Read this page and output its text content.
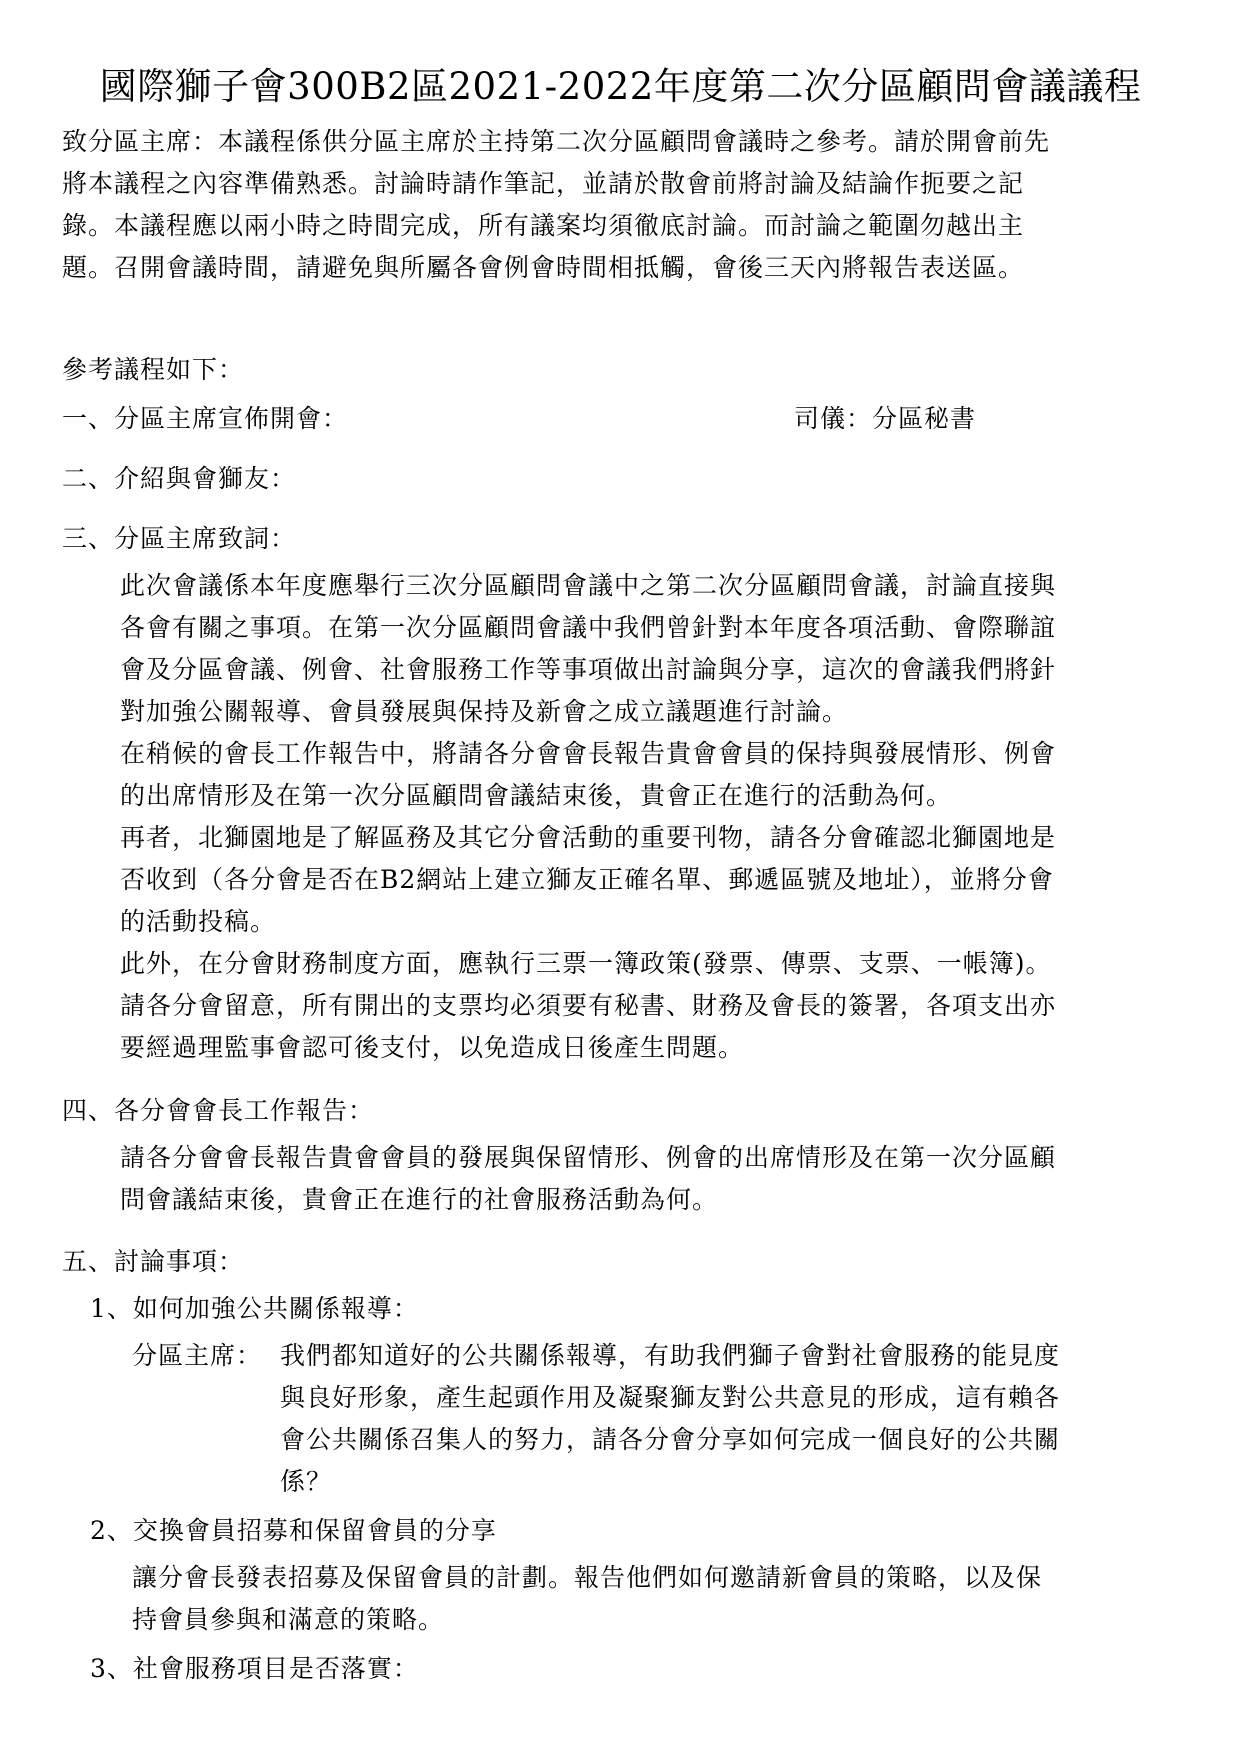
國際獅子會300B2區2021-2022年度第二次分區顧問會議議程
致分區主席：本議程係供分區主席於主持第二次分區顧問會議時之參考。請於開會前先
將本議程之內容準備熟悉。討論時請作筆記，並請於散會前將討論及結論作扼要之記
錄。本議程應以兩小時之時間完成，所有議案均須徹底討論。而討論之範圍勿越出主
題。召開會議時間，請避免與所屬各會例會時間相抵觸，會後三天內將報告表送區。
參考議程如下：
一、分區主席宣佈開會：	司儀：分區秘書
二、介紹與會獅友：
三、分區主席致詞：
此次會議係本年度應舉行三次分區顧問會議中之第二次分區顧問會議，討論直接與
各會有關之事項。在第一次分區顧問會議中我們曾針對本年度各項活動、會際聯誼
會及分區會議、例會、社會服務工作等事項做出討論與分享，這次的會議我們將針
對加強公關報導、會員發展與保持及新會之成立議題進行討論。
在稍候的會長工作報告中，將請各分會會長報告貴會會員的保持與發展情形、例會
的出席情形及在第一次分區顧問會議結束後，貴會正在進行的活動為何。
再者，北獅園地是了解區務及其它分會活動的重要刊物，請各分會確認北獅園地是
否收到（各分會是否在B2網站上建立獅友正確名單、郵遞區號及地址），並將分會
的活動投稿。
此外，在分會財務制度方面，應執行三票一簿政策(發票、傳票、支票、一帳簿)。
請各分會留意，所有開出的支票均必須要有秘書、財務及會長的簽署，各項支出亦
要經過理監事會認可後支付，以免造成日後產生問題。
四、各分會會長工作報告：
請各分會會長報告貴會會員的發展與保留情形、例會的出席情形及在第一次分區顧
問會議結束後，貴會正在進行的社會服務活動為何。
五、討論事項：
1、如何加強公共關係報導：
分區主席： 我們都知道好的公共關係報導，有助我們獅子會對社會服務的能見度
與良好形象，產生起頭作用及凝聚獅友對公共意見的形成，這有賴各
會公共關係召集人的努力，請各分會分享如何完成一個良好的公共關
係？
2、交換會員招募和保留會員的分享
讓分會長發表招募及保留會員的計劃。報告他們如何邀請新會員的策略，以及保
持會員參與和滿意的策略。
3、社會服務項目是否落實：
